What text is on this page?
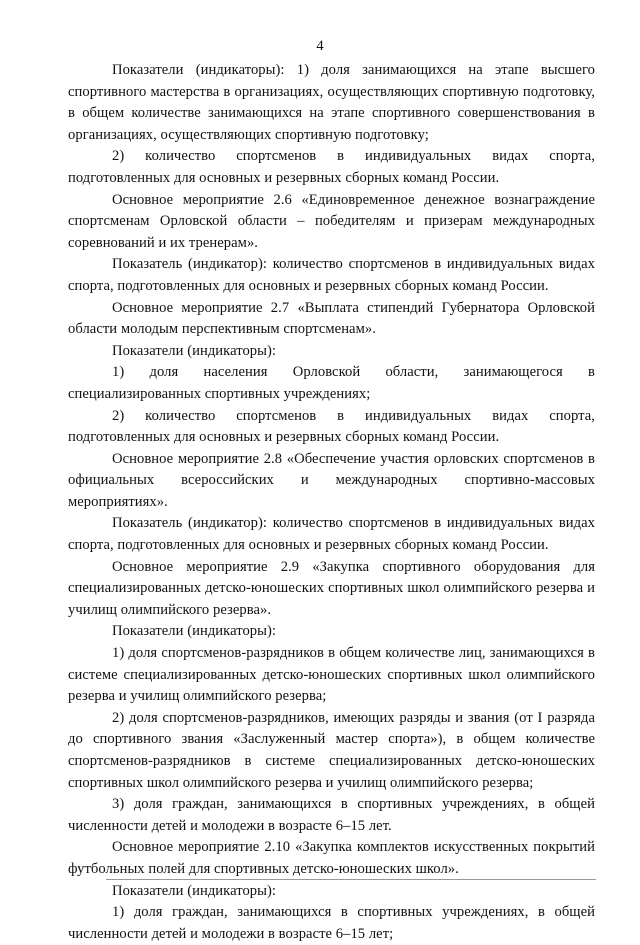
4

Показатели (индикаторы): 1) доля занимающихся на этапе высшего спортивного мастерства в организациях, осуществляющих спортивную подготовку, в общем количестве занимающихся на этапе спортивного совершенствования в организациях, осуществляющих спортивную подготовку;

2) количество спортсменов в индивидуальных видах спорта, подготовленных для основных и резервных сборных команд России.

Основное мероприятие 2.6 «Единовременное денежное вознаграждение спортсменам Орловской области – победителям и призерам международных соревнований и их тренерам».

Показатель (индикатор): количество спортсменов в индивидуальных видах спорта, подготовленных для основных и резервных сборных команд России.

Основное мероприятие 2.7 «Выплата стипендий Губернатора Орловской области молодым перспективным спортсменам».

Показатели (индикаторы):

1) доля населения Орловской области, занимающегося в специализированных спортивных учреждениях;

2) количество спортсменов в индивидуальных видах спорта, подготовленных для основных и резервных сборных команд России.

Основное мероприятие 2.8 «Обеспечение участия орловских спортсменов в официальных всероссийских и международных спортивно-массовых мероприятиях».

Показатель (индикатор): количество спортсменов в индивидуальных видах спорта, подготовленных для основных и резервных сборных команд России.

Основное мероприятие 2.9 «Закупка спортивного оборудования для специализированных детско-юношеских спортивных школ олимпийского резерва и училищ олимпийского резерва».

Показатели (индикаторы):

1) доля спортсменов-разрядников в общем количестве лиц, занимающихся в системе специализированных детско-юношеских спортивных школ олимпийского резерва и училищ олимпийского резерва;

2) доля спортсменов-разрядников, имеющих разряды и звания (от I разряда до спортивного звания «Заслуженный мастер спорта»), в общем количестве спортсменов-разрядников в системе специализированных детско-юношеских спортивных школ олимпийского резерва и училищ олимпийского резерва;

3) доля граждан, занимающихся в спортивных учреждениях, в общей численности детей и молодежи в возрасте 6–15 лет.

Основное мероприятие 2.10 «Закупка комплектов искусственных покрытий футбольных полей для спортивных детско-юношеских школ».

Показатели (индикаторы):

1) доля граждан, занимающихся в спортивных учреждениях, в общей численности детей и молодежи в возрасте 6–15 лет;
